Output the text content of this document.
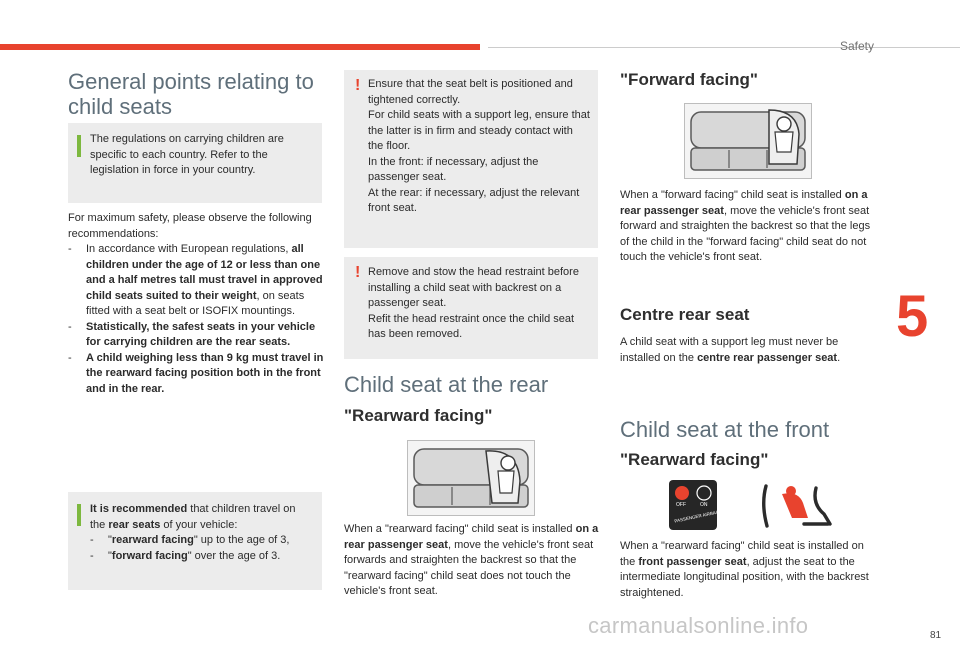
Safety
5
81
General points relating to child seats

The regulations on carrying children are specific to each country. Refer to the legislation in force in your country.

For maximum safety, please observe the following recommendations:

- In accordance with European regulations, all children under the age of 12 or less than one and a half metres tall must travel in approved child seats suited to their weight, on seats fitted with a seat belt or ISOFIX mountings.

- Statistically, the safest seats in your vehicle for carrying children are the rear seats.

- A child weighing less than 9 kg must travel in the rearward facing position both in the front and in the rear.

It is recommended that children travel on the rear seats of your vehicle:

- "rearward facing" up to the age of 3,

- "forward facing" over the age of 3.

! Ensure that the seat belt is positioned and tightened correctly.

For child seats with a support leg, ensure that the latter is in firm and steady contact with the floor.

In the front: if necessary, adjust the passenger seat.

At the rear: if necessary, adjust the relevant front seat.

! Remove and stow the head restraint before installing a child seat with backrest on a passenger seat.

Refit the head restraint once the child seat has been removed.

Child seat at the rear
"Rearward facing"

When a "rearward facing" child seat is installed on a rear passenger seat, move the vehicle's front seat forwards and straighten the backrest so that the "rearward facing" child seat does not touch the vehicle's front seat.

"Forward facing"

When a "forward facing" child seat is installed on a rear passenger seat, move the vehicle's front seat forward and straighten the backrest so that the legs of the child in the "forward facing" child seat do not touch the vehicle's front seat.

Centre rear seat

A child seat with a support leg must never be installed on the centre rear passenger seat.

Child seat at the front
"Rearward facing"
OFF	ON
PASSENGER AIRBAG

When a "rearward facing" child seat is installed on the front passenger seat, adjust the seat to the intermediate longitudinal position, with the backrest straightened.

carmanualsonline.info
